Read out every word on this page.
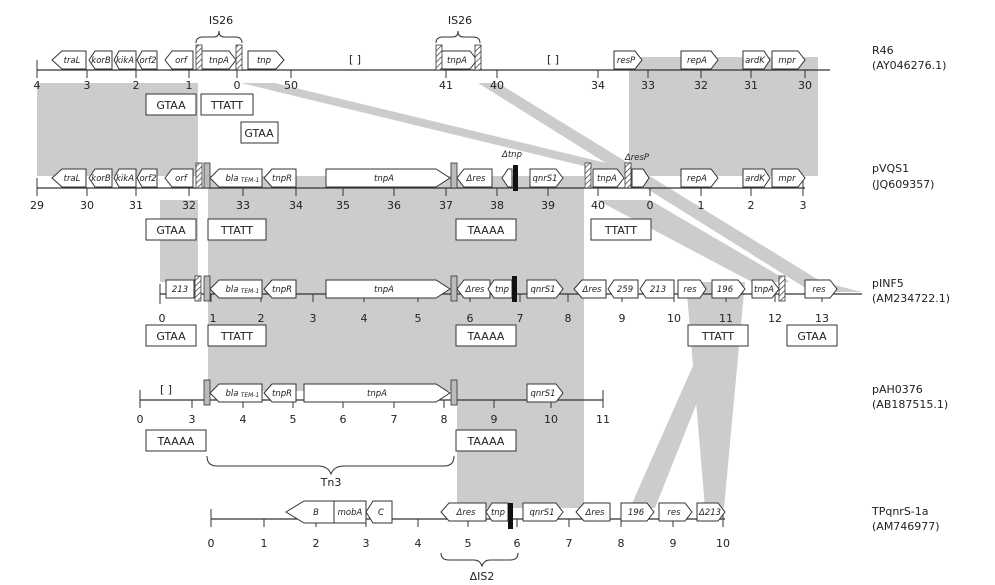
4	3	2	1	0	50	41	40	34	33	32	31	30
traL korB kikA orf2 orf	tnpA	tnp	tnpA	resP	repA	ardK mpr
[ ]	[ ]
IS26	IS26
GTAA TTATT
GTAA
R46
(AY046276.1)
29	30	31	32	33	34	35	36	37	38	39	40	0	1	2	3
traL korB kikA orf2 orf	bla TEM-1 tnpR	tnpA	Δres	qnrS1	tnpA	repA	ardK mpr
Δtnp	ΔresP
GTAA	TTATT	TAAAA	TTATT
pVQS1
(JQ609357)
0	1	2	3	4	5	6	7	8	9	10	11	12	13
213	bla TEM-1 tnpR	tnpA	Δres tnp	qnrS1	Δres 259 213 res 196 tnpA	res
GTAA	TTATT	TAAAA	TTATT	GTAA
pINF5
(AM234722.1)
0	3	4	5	6	7	8	9	10	11
[ ]	bla TEM-1 tnpR	tnpA	qnrS1
TAAAA	TAAAA
Tn3
pAH0376
(AB187515.1)
0	1	2	3	4	5	6	7	8	9	10
B mobA C	Δres tnp	qnrS1	Δres	196	res Δ213
ΔIS2
TPqnrS-1a
(AM746977)
